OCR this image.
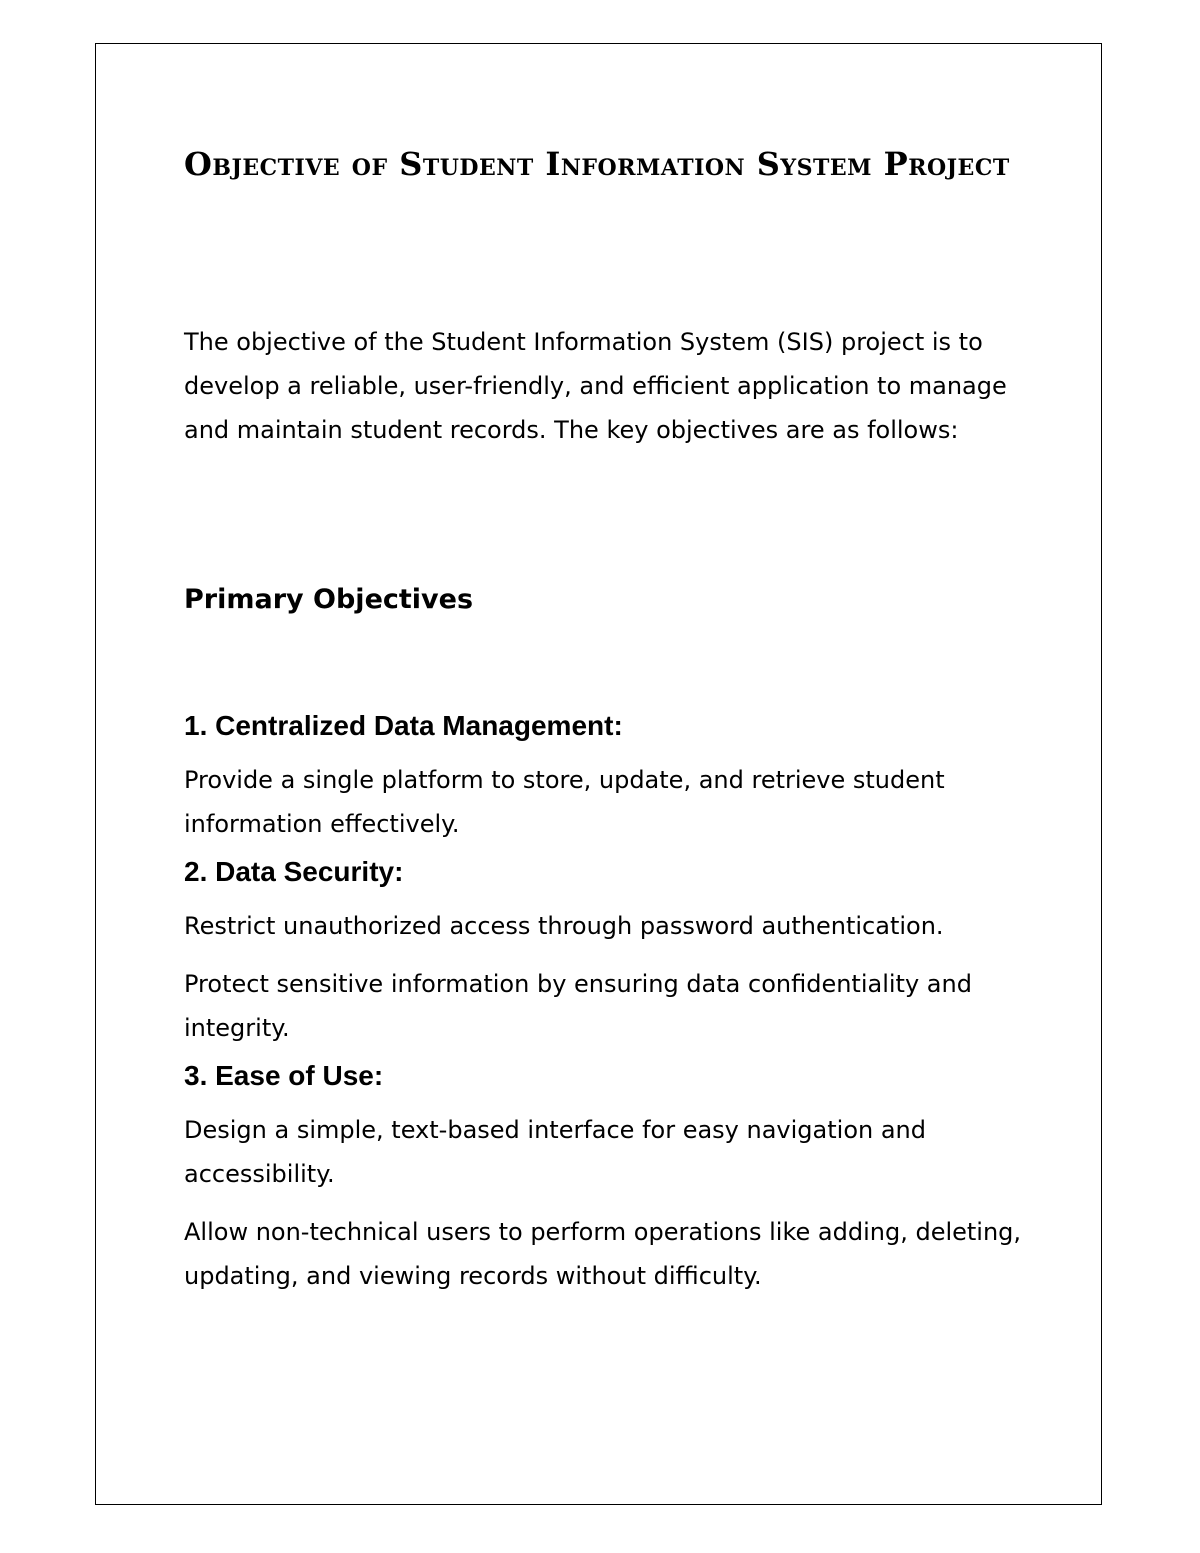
Objective of Student Information System Project

The objective of the Student Information System (SIS) project is to develop a reliable, user-friendly, and efficient application to manage and maintain student records. The key objectives are as follows:

Primary Objectives
1. Centralized Data Management:

Provide a single platform to store, update, and retrieve student information effectively.

2. Data Security:

Restrict unauthorized access through password authentication.

Protect sensitive information by ensuring data confidentiality and integrity.

3. Ease of Use:

Design a simple, text-based interface for easy navigation and accessibility.

Allow non-technical users to perform operations like adding, deleting, updating, and viewing records without difficulty.
